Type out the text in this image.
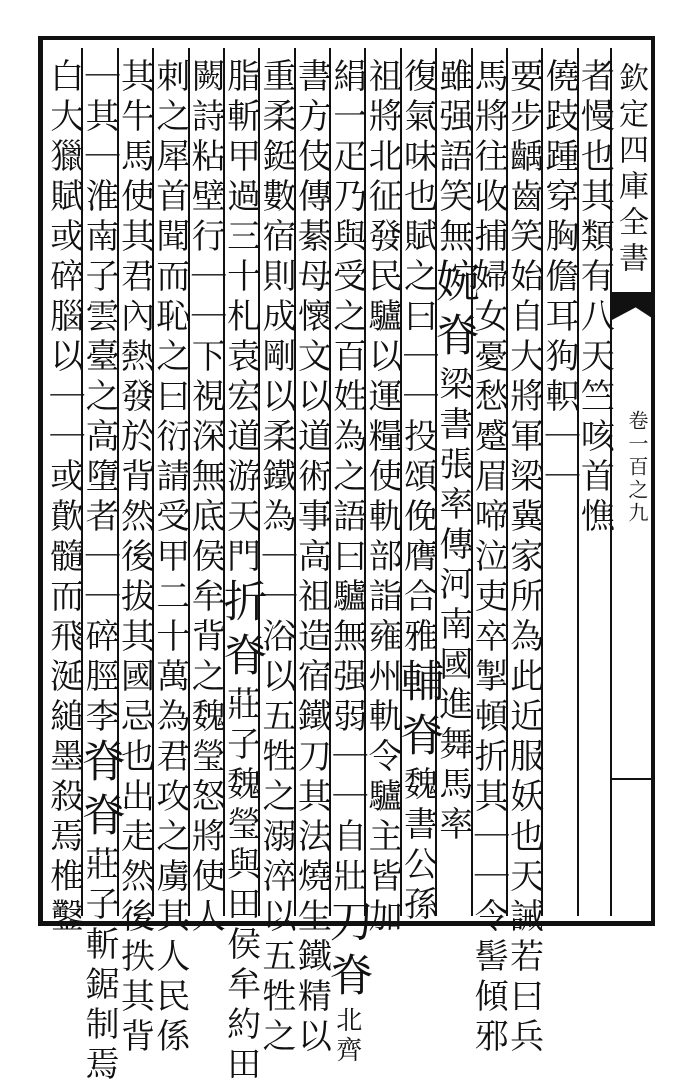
欽定四庫全書
卷一百之九
者慢也其類有八天竺咳首憔
僥跂踵穿胸儋耳狗軹｜｜
要步齲齒笑始自大將軍梁冀家所為此近服妖也天誡若曰兵
馬將往收捕婦女憂愁蹙眉啼泣吏卒掣頓折其｜｜令髻傾邪
雖强語笑無婉脊梁書張率傳河南國進舞馬率
復氣味也賦之曰｜｜投頌俛膺合雅輔脊魏書公孫
祖將北征發民驢以運糧使軌部詣雍州軌令驢主皆加
絹一疋乃與受之百姓為之語曰驢無强弱｜｜自壯刀脊北齊
書方伎傳綦母懷文以道術事高祖造宿鐵刀其法燒生鐵精以
重柔鋌數宿則成剛以柔鐵為｜｜浴以五牲之溺淬以五牲之
脂斬甲過三十札袁宏道游天門折脊莊子魏瑩與田侯牟約田
闕詩粘壁行｜｜下視深無底侯牟背之魏瑩怒將使人
刺之犀首聞而恥之曰衍請受甲二十萬為君攻之虜其人民係
其牛馬使其君內熱發於背然後拔其國忌也出走然後抶其背
｜其｜淮南子雲臺之高墮者｜｜碎脛李脊脊莊子斬鋸制焉
白大獵賦或碎腦以｜｜或歕髓而飛涎縋墨殺焉椎鑿
